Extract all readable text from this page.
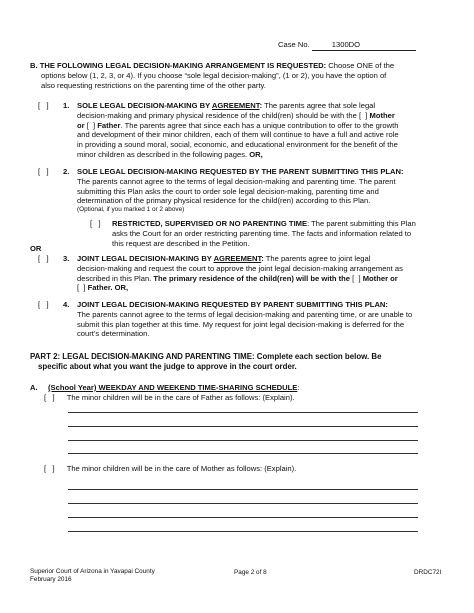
Case No.	1300DO
B. THE FOLLOWING LEGAL DECISION-MAKING ARRANGEMENT IS REQUESTED: Choose ONE of the
options below (1, 2, 3, or 4). If you choose “sole legal decision-making”, (1 or 2), you have the option of
also requesting restrictions on the parenting time of the other party.
[   ] 1. SOLE LEGAL DECISION-MAKING BY AGREEMENT: The parents agree that sole legal
decision-making and primary physical residence of the child(ren) should be with the [  ] Mother
or [  ] Father. The parents agree that since each has a unique contribution to offer to the growth
and development of their minor children, each of them will continue to have a full and active role
in providing a sound moral, social, economic, and educational environment for the benefit of the
minor children as described in the following pages. OR,
[   ] 2. SOLE LEGAL DECISION-MAKING REQUESTED BY THE PARENT SUBMITTING THIS PLAN:
The parents cannot agree to the terms of legal decision-making and parenting time. The parent
submitting this Plan asks the court to order sole legal decision-making, parenting time and
determination of the primary physical residence for the child(ren) according to this Plan.
(Optional, if you marked 1 or 2 above)
[   ] RESTRICTED, SUPERVISED OR NO PARENTING TIME: The parent submitting this Plan
asks the Court for an order restricting parenting time. The facts and information related to
this request are described in the Petition.
OR
[   ] 3. JOINT LEGAL DECISION-MAKING BY AGREEMENT: The parents agree to joint legal
decision-making and request the court to approve the joint legal decision-making arrangement as
described in this Plan. The primary residence of the child(ren) will be with the [  ] Mother or
[  ] Father. OR,
[   ] 4. JOINT LEGAL DECISION-MAKING REQUESTED BY PARENT SUBMITTING THIS PLAN:
The parents cannot agree to the terms of legal decision-making and parenting time, or are unable to
submit this plan together at this time. My request for joint legal decision-making is deferred for the
court’s determination.
PART 2: LEGAL DECISION-MAKING AND PARENTING TIME: Complete each section below. Be
specific about what you want the judge to approve in the court order.
A. (School Year) WEEKDAY AND WEEKEND TIME-SHARING SCHEDULE:
[   ] The minor children will be in the care of Father as follows: (Explain).
[   ] The minor children will be in the care of Mother as follows: (Explain).
Superior Court of Arizona in Yavapai County
February 2016
Page 2 of 8	DRDC72I
